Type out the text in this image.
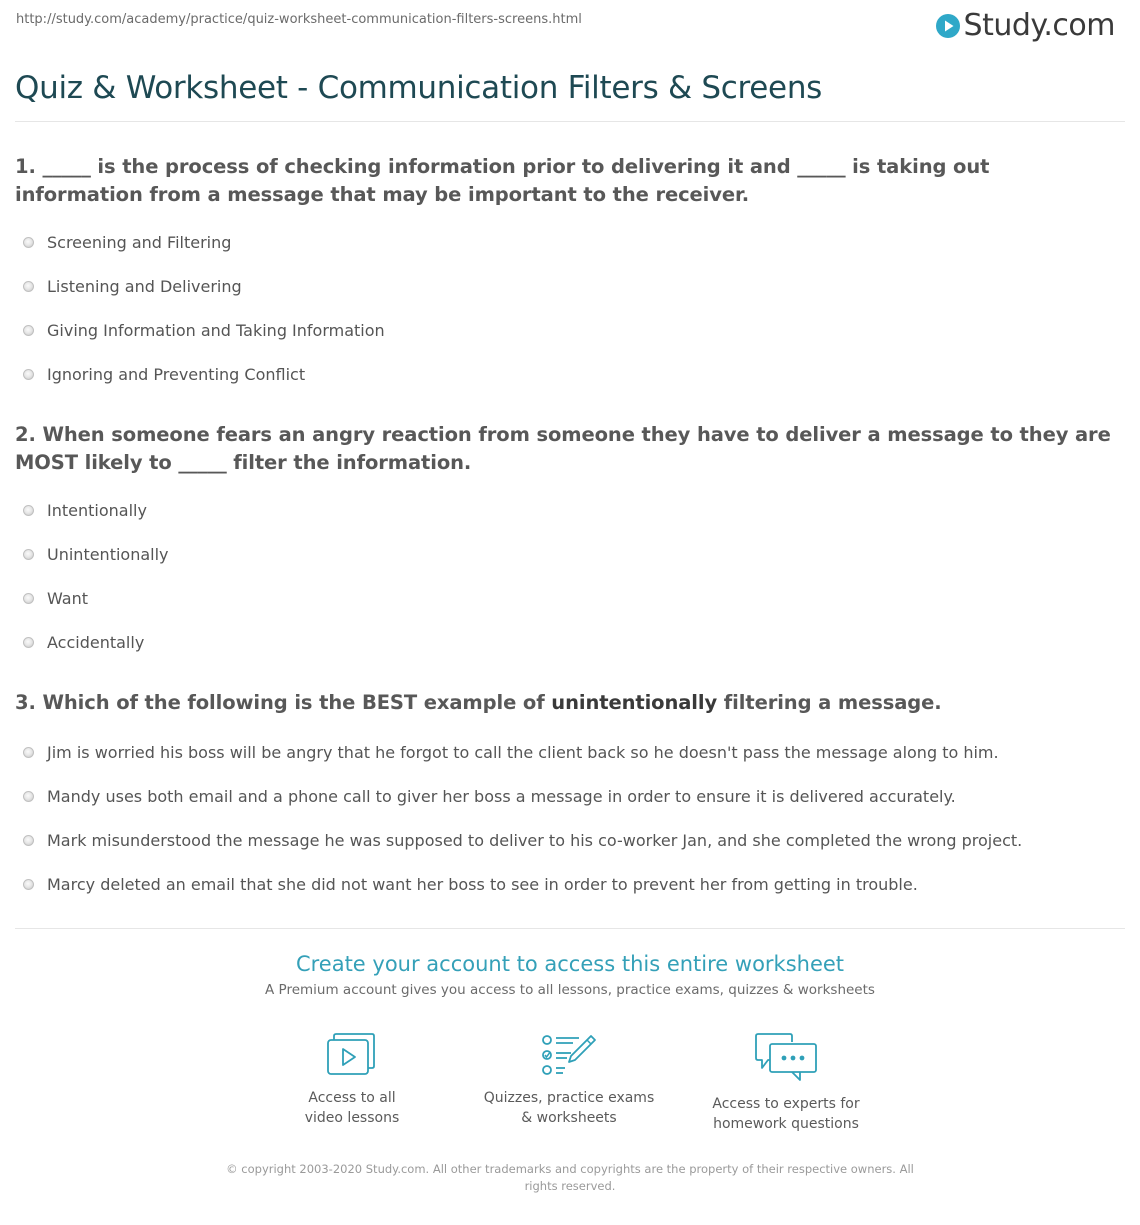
http://study.com/academy/practice/quiz-worksheet-communication-filters-screens.html	Study.com
Quiz & Worksheet - Communication Filters & Screens

1. _____ is the process of checking information prior to delivering it and _____ is taking out information from a message that may be important to the receiver.

Screening and Filtering
Listening and Delivering
Giving Information and Taking Information
Ignoring and Preventing Conflict

2. When someone fears an angry reaction from someone they have to deliver a message to they are MOST likely to _____ filter the information.

Intentionally
Unintentionally
Want
Accidentally

3. Which of the following is the BEST example of unintentionally filtering a message.

Jim is worried his boss will be angry that he forgot to call the client back so he doesn't pass the message along to him.
Mandy uses both email and a phone call to giver her boss a message in order to ensure it is delivered accurately.
Mark misunderstood the message he was supposed to deliver to his co-worker Jan, and she completed the wrong project.
Marcy deleted an email that she did not want her boss to see in order to prevent her from getting in trouble.
Create your account to access this entire worksheet
A Premium account gives you access to all lessons, practice exams, quizzes & worksheets
Access to all
video lessons
Quizzes, practice exams
& worksheets
Access to experts for
homework questions
© copyright 2003-2020 Study.com. All other trademarks and copyrights are the property of their respective owners. All rights reserved.
